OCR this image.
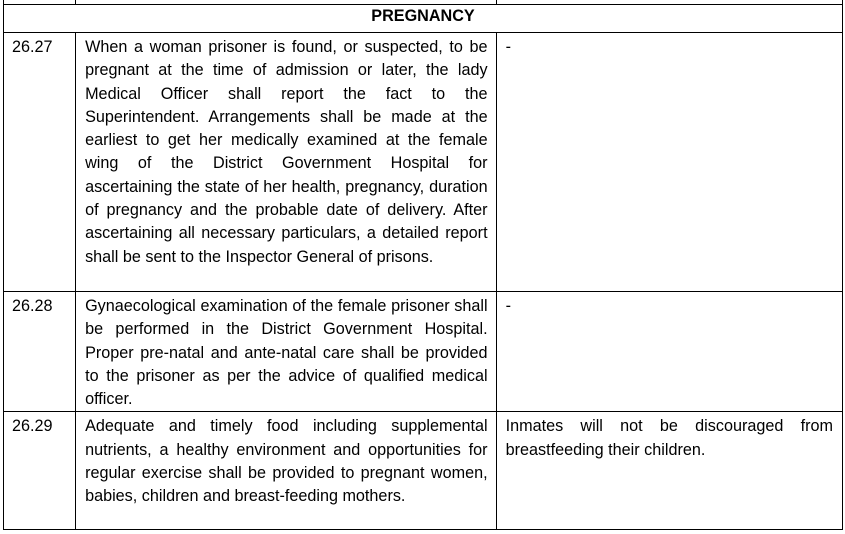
PREGNANCY		
26.27	When a woman prisoner is found, or suspected, to be pregnant at the time of admission or later, the lady Medical Officer shall report the fact to the Superintendent. Arrangements shall be made at the earliest to get her medically examined at the female wing of the District Government Hospital for ascertaining the state of her health, pregnancy, duration of pregnancy and the probable date of delivery. After ascertaining all necessary particulars, a detailed report shall be sent to the Inspector General of prisons.	-
26.28	Gynaecological examination of the female prisoner shall be performed in the District Government Hospital. Proper pre-natal and ante-natal care shall be provided to the prisoner as per the advice of qualified medical officer.	-
26.29	Adequate and timely food including supplemental nutrients, a healthy environment and opportunities for regular exercise shall be provided to pregnant women, babies, children and breast-feeding mothers.	Inmates will not be discouraged from breastfeeding their children.
